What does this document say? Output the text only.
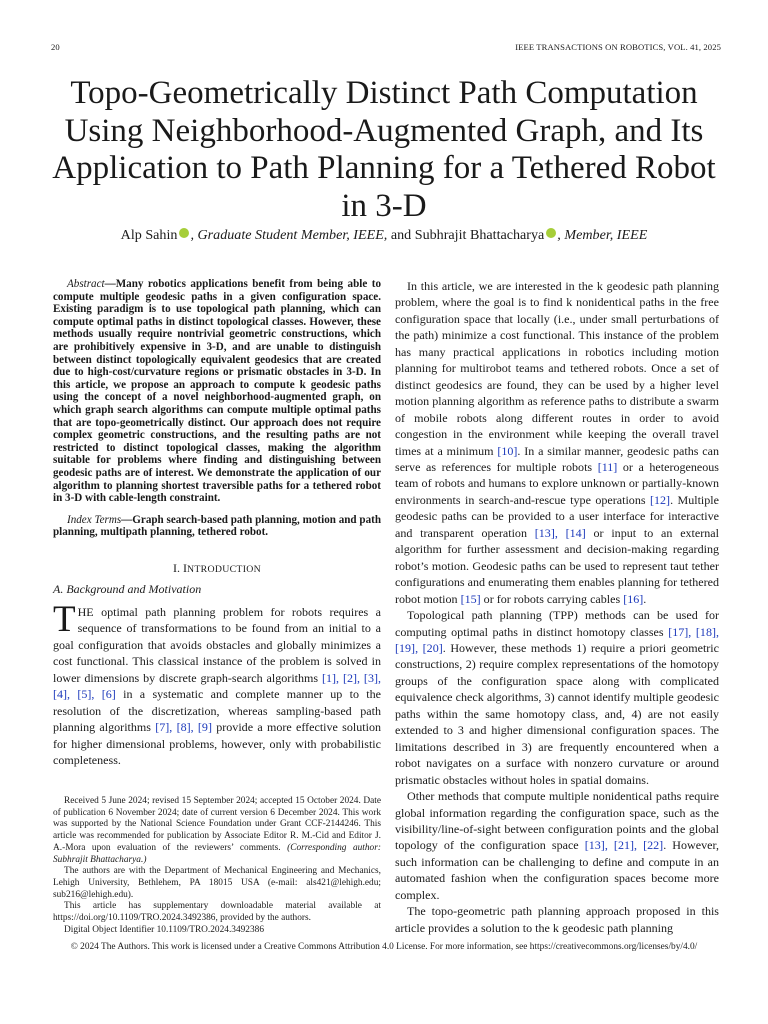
20	IEEE TRANSACTIONS ON ROBOTICS, VOL. 41, 2025
Topo-Geometrically Distinct Path Computation Using Neighborhood-Augmented Graph, and Its Application to Path Planning for a Tethered Robot in 3-D
Alp Sahin , Graduate Student Member, IEEE, and Subhrajit Bhattacharya , Member, IEEE

Abstract—Many robotics applications benefit from being able to compute multiple geodesic paths in a given configuration space. Existing paradigm is to use topological path planning, which can compute optimal paths in distinct topological classes. However, these methods usually require nontrivial geometric constructions, which are prohibitively expensive in 3-D, and are unable to distinguish between distinct topologically equivalent geodesics that are created due to high-cost/curvature regions or prismatic obstacles in 3-D. In this article, we propose an approach to compute k geodesic paths using the concept of a novel neighborhood-augmented graph, on which graph search algorithms can compute multiple optimal paths that are topo-geometrically distinct. Our approach does not require complex geometric constructions, and the resulting paths are not restricted to distinct topological classes, making the algorithm suitable for problems where finding and distinguishing between geodesic paths are of interest. We demonstrate the application of our algorithm to planning shortest traversible paths for a tethered robot in 3-D with cable-length constraint.

Index Terms—Graph search-based path planning, motion and path planning, multipath planning, tethered robot.

I. INTRODUCTION
A. Background and Motivation

THE optimal path planning problem for robots requires a sequence of transformations to be found from an initial to a goal configuration that avoids obstacles and globally minimizes a cost functional. This classical instance of the problem is solved in lower dimensions by discrete graph-search algorithms [1], [2], [3], [4], [5], [6] in a systematic and complete manner up to the resolution of the discretization, whereas sampling-based path planning algorithms [7], [8], [9] provide a more effective solution for higher dimensional problems, however, only with probabilistic completeness.

Received 5 June 2024; revised 15 September 2024; accepted 15 October 2024. Date of publication 6 November 2024; date of current version 6 December 2024. This work was supported by the National Science Foundation under Grant CCF-2144246. This article was recommended for publication by Associate Editor R. M.-Cid and Editor J. A.-Mora upon evaluation of the reviewers’ comments. (Corresponding author: Subhrajit Bhattacharya.)

The authors are with the Department of Mechanical Engineering and Mechanics, Lehigh University, Bethlehem, PA 18015 USA (e-mail: als421@lehigh.edu; sub216@lehigh.edu).

This article has supplementary downloadable material available at https://doi.org/10.1109/TRO.2024.3492386, provided by the authors.

Digital Object Identifier 10.1109/TRO.2024.3492386

In this article, we are interested in the k geodesic path planning problem, where the goal is to find k nonidentical paths in the free configuration space that locally (i.e., under small perturbations of the path) minimize a cost functional. This instance of the problem has many practical applications in robotics including motion planning for multirobot teams and tethered robots. Once a set of distinct geodesics are found, they can be used by a higher level motion planning algorithm as reference paths to distribute a swarm of mobile robots along different routes in order to avoid congestion in the environment while keeping the overall travel times at a minimum [10]. In a similar manner, geodesic paths can serve as references for multiple robots [11] or a heterogeneous team of robots and humans to explore unknown or partially-known environments in search-and-rescue type operations [12]. Multiple geodesic paths can be provided to a user interface for interactive and transparent operation [13], [14] or input to an external algorithm for further assessment and decision-making regarding robot’s motion. Geodesic paths can be used to represent taut tether configurations and enumerating them enables planning for tethered robot motion [15] or for robots carrying cables [16].

Topological path planning (TPP) methods can be used for computing optimal paths in distinct homotopy classes [17], [18], [19], [20]. However, these methods 1) require a priori geometric constructions, 2) require complex representations of the homotopy groups of the configuration space along with complicated equivalence check algorithms, 3) cannot identify multiple geodesic paths within the same homotopy class, and, 4) are not easily extended to 3 and higher dimensional configuration spaces. The limitations described in 3) are frequently encountered when a robot navigates on a surface with nonzero curvature or around prismatic obstacles without holes in spatial domains.

Other methods that compute multiple nonidentical paths require global information regarding the configuration space, such as the visibility/line-of-sight between configuration points and the global topology of the configuration space [13], [21], [22]. However, such information can be challenging to define and compute in an automated fashion when the configuration spaces become more complex.

The topo-geometric path planning approach proposed in this article provides a solution to the k geodesic path planning

© 2024 The Authors. This work is licensed under a Creative Commons Attribution 4.0 License. For more information, see https://creativecommons.org/licenses/by/4.0/
